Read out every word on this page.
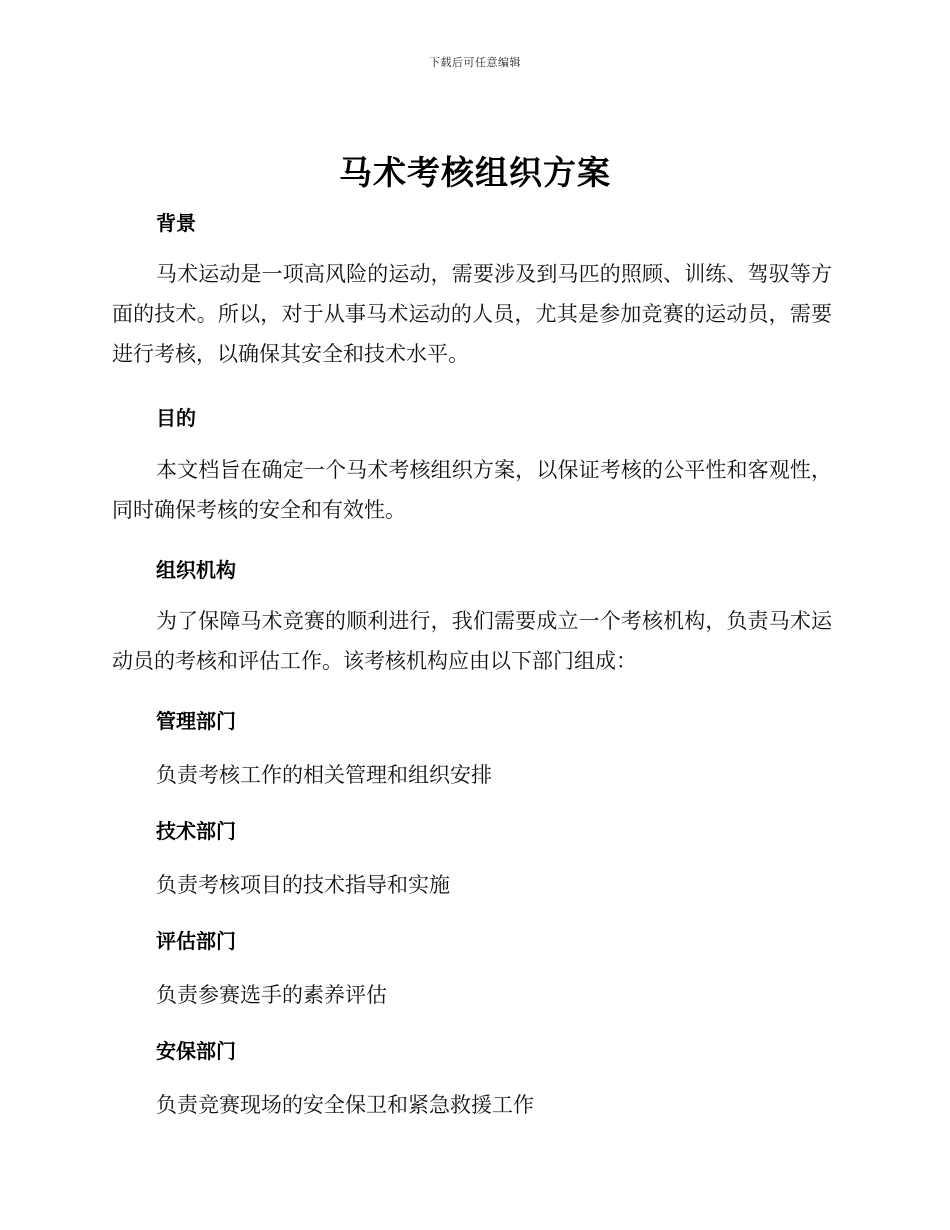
下载后可任意编辑
马术考核组织方案

背景

马术运动是一项高风险的运动，需要涉及到马匹的照顾、训练、驾驭等方面的技术。所以，对于从事马术运动的人员，尤其是参加竞赛的运动员，需要进行考核，以确保其安全和技术水平。

目的

本文档旨在确定一个马术考核组织方案，以保证考核的公平性和客观性，同时确保考核的安全和有效性。

组织机构

为了保障马术竞赛的顺利进行，我们需要成立一个考核机构，负责马术运动员的考核和评估工作。该考核机构应由以下部门组成：

管理部门

负责考核工作的相关管理和组织安排

技术部门

负责考核项目的技术指导和实施

评估部门

负责参赛选手的素养评估

安保部门

负责竞赛现场的安全保卫和紧急救援工作
